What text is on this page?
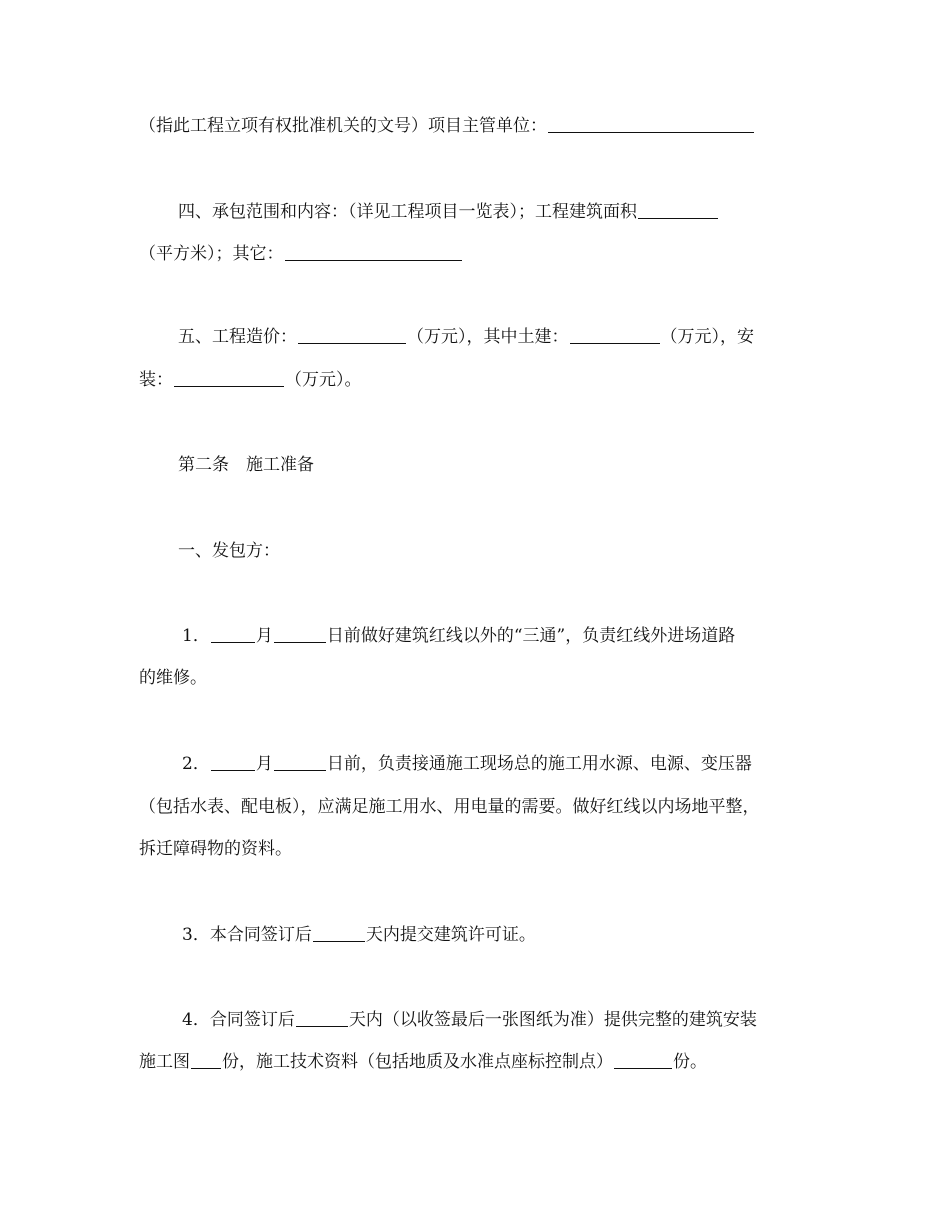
（指此工程立项有权批准机关的文号）项目主管单位：
四、承包范围和内容：（详见工程项目一览表）；工程建筑面积
（平方米）；其它：
五、工程造价：	（万元），其中土建：	（万元），安
装：	（万元）。
第二条　施工准备
一、发包方：
1．	月	日前做好建筑红线以外的“三通”，负责红线外进场道路
的维修。
2．	月	日前，负责接通施工现场总的施工用水源、电源、变压器
（包括水表、配电板），应满足施工用水、用电量的需要。做好红线以内场地平整，
拆迁障碍物的资料。
3．本合同签订后	天内提交建筑许可证。
4．合同签订后	天内（以收签最后一张图纸为准）提供完整的建筑安装
施工图 份，施工技术资料（包括地质及水准点座标控制点）	份。
